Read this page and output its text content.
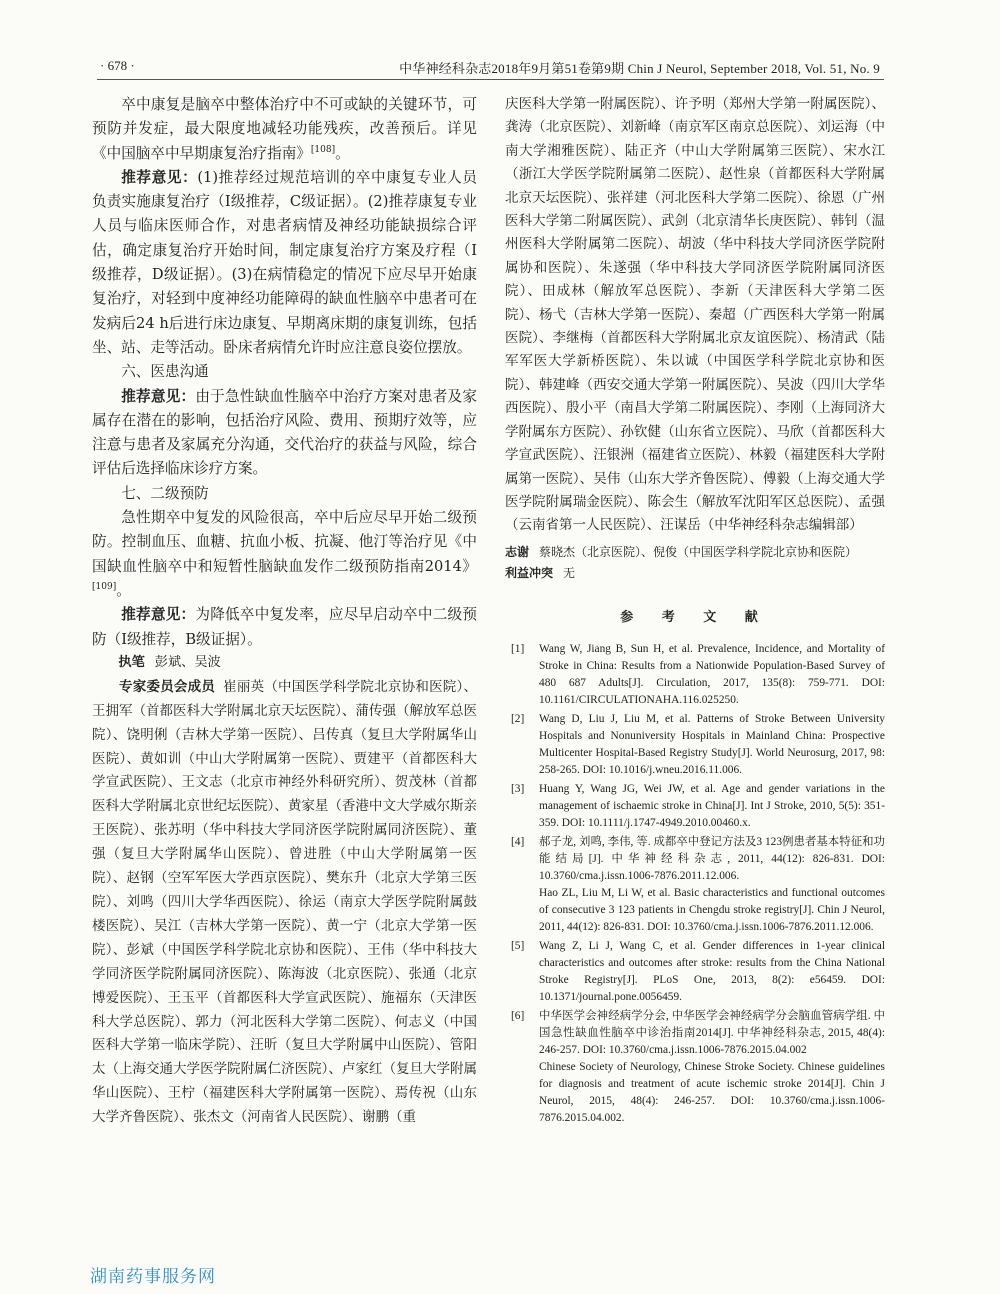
· 678 ·	中华神经科杂志2018年9月第51卷第9期 Chin J Neurol, September 2018, Vol. 51, No. 9

卒中康复是脑卒中整体治疗中不可或缺的关键环节，可预防并发症，最大限度地减轻功能残疾，改善预后。详见《中国脑卒中早期康复治疗指南》[108]。

推荐意见：(1)推荐经过规范培训的卒中康复专业人员负责实施康复治疗（Ⅰ级推荐，C级证据）。(2)推荐康复专业人员与临床医师合作，对患者病情及神经功能缺损综合评估，确定康复治疗开始时间，制定康复治疗方案及疗程（Ⅰ级推荐，D级证据）。(3)在病情稳定的情况下应尽早开始康复治疗，对轻到中度神经功能障碍的缺血性脑卒中患者可在发病后24 h后进行床边康复、早期离床期的康复训练，包括坐、站、走等活动。卧床者病情允许时应注意良姿位摆放。

六、医患沟通

推荐意见：由于急性缺血性脑卒中治疗方案对患者及家属存在潜在的影响，包括治疗风险、费用、预期疗效等，应注意与患者及家属充分沟通，交代治疗的获益与风险，综合评估后选择临床诊疗方案。

七、二级预防

急性期卒中复发的风险很高，卒中后应尽早开始二级预防。控制血压、血糖、抗血小板、抗凝、他汀等治疗见《中国缺血性脑卒中和短暂性脑缺血发作二级预防指南2014》[109]。

推荐意见：为降低卒中复发率，应尽早启动卒中二级预防（Ⅰ级推荐，B级证据）。

执笔 彭斌、吴波

专家委员会成员 崔丽英（中国医学科学院北京协和医院）、王拥军（首都医科大学附属北京天坛医院）、蒲传强（解放军总医院）、饶明俐（吉林大学第一医院）、吕传真（复旦大学附属华山医院）、黄如训（中山大学附属第一医院）、贾建平（首都医科大学宣武医院）、王文志（北京市神经外科研究所）、贺茂林（首都医科大学附属北京世纪坛医院）、黄家星（香港中文大学威尔斯亲王医院）、张苏明（华中科技大学同济医学院附属同济医院）、董强（复旦大学附属华山医院）、曾进胜（中山大学附属第一医院）、赵钢（空军军医大学西京医院）、樊东升（北京大学第三医院）、刘鸣（四川大学华西医院）、徐运（南京大学医学院附属鼓楼医院）、吴江（吉林大学第一医院）、黄一宁（北京大学第一医院）、彭斌（中国医学科学院北京协和医院）、王伟（华中科技大学同济医学院附属同济医院）、陈海波（北京医院）、张通（北京博爱医院）、王玉平（首都医科大学宣武医院）、施福东（天津医科大学总医院）、郭力（河北医科大学第二医院）、何志义（中国医科大学第一临床学院）、汪昕（复旦大学附属中山医院）、管阳太（上海交通大学医学院附属仁济医院）、卢家红（复旦大学附属华山医院）、王柠（福建医科大学附属第一医院）、焉传祝（山东大学齐鲁医院）、张杰文（河南省人民医院）、谢鹏（重

庆医科大学第一附属医院）、许予明（郑州大学第一附属医院）、龚涛（北京医院）、刘新峰（南京军区南京总医院）、刘运海（中南大学湘雅医院）、陆正齐（中山大学附属第三医院）、宋水江（浙江大学医学院附属第二医院）、赵性泉（首都医科大学附属北京天坛医院）、张祥建（河北医科大学第二医院）、徐恩（广州医科大学第二附属医院）、武剑（北京清华长庚医院）、韩钊（温州医科大学附属第二医院）、胡波（华中科技大学同济医学院附属协和医院）、朱遂强（华中科技大学同济医学院附属同济医院）、田成林（解放军总医院）、李新（天津医科大学第二医院）、杨弋（吉林大学第一医院）、秦超（广西医科大学第一附属医院）、李继梅（首都医科大学附属北京友谊医院）、杨清武（陆军军医大学新桥医院）、朱以诚（中国医学科学院北京协和医院）、韩建峰（西安交通大学第一附属医院）、吴波（四川大学华西医院）、殷小平（南昌大学第二附属医院）、李刚（上海同济大学附属东方医院）、孙钦健（山东省立医院）、马欣（首都医科大学宣武医院）、汪银洲（福建省立医院）、林毅（福建医科大学附属第一医院）、吴伟（山东大学齐鲁医院）、傅毅（上海交通大学医学院附属瑞金医院）、陈会生（解放军沈阳军区总医院）、孟强（云南省第一人民医院）、汪谋岳（中华神经科杂志编辑部）

志谢 蔡晓杰（北京医院）、倪俊（中国医学科学院北京协和医院）

利益冲突 无

参 考 文 献
[1] Wang W, Jiang B, Sun H, et al. Prevalence, Incidence, and Mortality of Stroke in China: Results from a Nationwide Population-Based Survey of 480 687 Adults[J]. Circulation, 2017, 135(8): 759-771. DOI: 10.1161/CIRCULATIONAHA.116.025250.
[2] Wang D, Liu J, Liu M, et al. Patterns of Stroke Between University Hospitals and Nonuniversity Hospitals in Mainland China: Prospective Multicenter Hospital-Based Registry Study[J]. World Neurosurg, 2017, 98: 258-265. DOI: 10.1016/j.wneu.2016.11.006.
[3] Huang Y, Wang JG, Wei JW, et al. Age and gender variations in the management of ischaemic stroke in China[J]. Int J Stroke, 2010, 5(5): 351-359. DOI: 10.1111/j.1747-4949.2010.00460.x.
[4] 郝子龙, 刘鸣, 李伟, 等. 成都卒中登记方法及3 123例患者基本特征和功能结局[J]. 中华神经科杂志, 2011, 44(12): 826-831. DOI: 10.3760/cma.j.issn.1006-7876.2011.12.006.
Hao ZL, Liu M, Li W, et al. Basic characteristics and functional outcomes of consecutive 3 123 patients in Chengdu stroke registry[J]. Chin J Neurol, 2011, 44(12): 826-831. DOI: 10.3760/cma.j.issn.1006-7876.2011.12.006.
[5] Wang Z, Li J, Wang C, et al. Gender differences in 1-year clinical characteristics and outcomes after stroke: results from the China National Stroke Registry[J]. PLoS One, 2013, 8(2): e56459. DOI: 10.1371/journal.pone.0056459.
[6] 中华医学会神经病学分会, 中华医学会神经病学分会脑血管病学组. 中国急性缺血性脑卒中诊治指南2014[J]. 中华神经科杂志, 2015, 48(4): 246-257. DOI: 10.3760/cma.j.issn.1006-7876.2015.04.002
Chinese Society of Neurology, Chinese Stroke Society. Chinese guidelines for diagnosis and treatment of acute ischemic stroke 2014[J]. Chin J Neurol, 2015, 48(4): 246-257. DOI: 10.3760/cma.j.issn.1006-7876.2015.04.002.
湖南药事服务网
